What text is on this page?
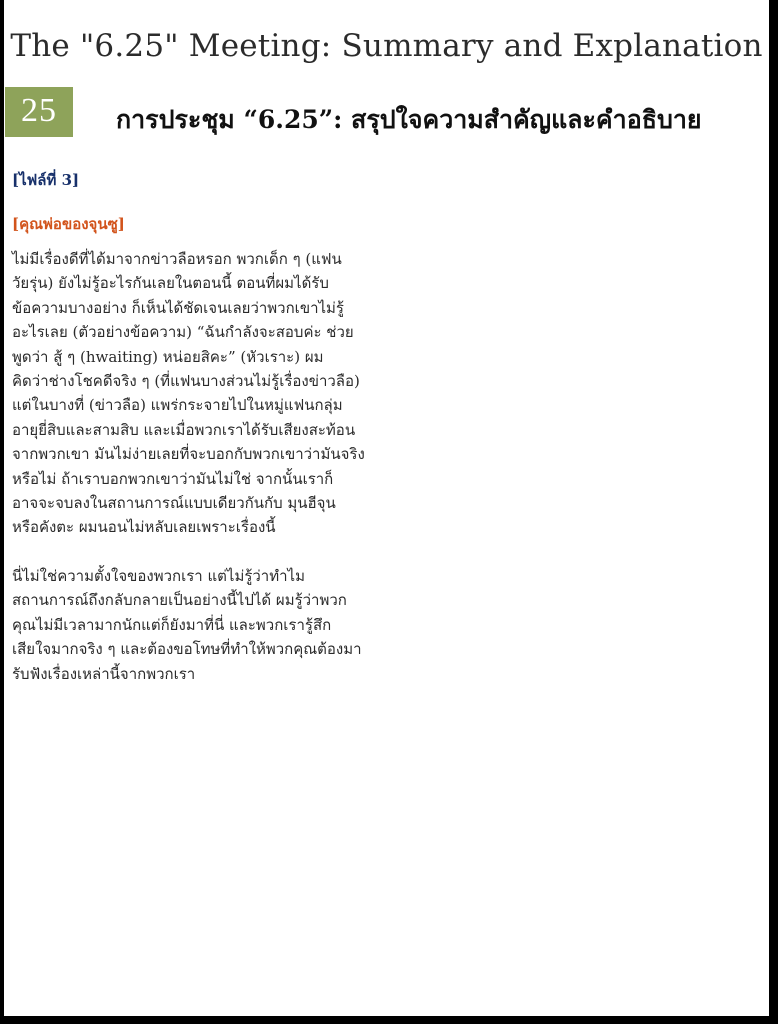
The "6.25" Meeting: Summary and Explanation
25	การประชุม “6.25”: สรุปใจความสำคัญและคำอธิบาย
[ไฟล์ที่ 3]
[คุณพ่อของจุนซู]
ไม่มีเรื่องดีที่ได้มาจากข่าวลือหรอก พวกเด็ก ๆ (แฟน
วัยรุ่น) ยังไม่รู้อะไรกันเลยในตอนนี้ ตอนที่ผมได้รับ
ข้อความบางอย่าง ก็เห็นได้ชัดเจนเลยว่าพวกเขาไม่รู้
อะไรเลย (ตัวอย่างข้อความ) “ฉันกำลังจะสอบค่ะ ช่วย
พูดว่า สู้ ๆ (hwaiting) หน่อยสิคะ” (หัวเราะ) ผม
คิดว่าช่างโชคดีจริง ๆ (ที่แฟนบางส่วนไม่รู้เรื่องข่าวลือ)
แต่ในบางที่ (ข่าวลือ) แพร่กระจายไปในหมู่แฟนกลุ่ม
อายุยี่สิบและสามสิบ และเมื่อพวกเราได้รับเสียงสะท้อน
จากพวกเขา มันไม่ง่ายเลยที่จะบอกกับพวกเขาว่ามันจริง
หรือไม่ ถ้าเราบอกพวกเขาว่ามันไม่ใช่ จากนั้นเราก็
อาจจะจบลงในสถานการณ์แบบเดียวกันกับ มุนฮีจุน
หรือคังตะ ผมนอนไม่หลับเลยเพราะเรื่องนี้
นี่ไม่ใช่ความตั้งใจของพวกเรา แต่ไม่รู้ว่าทำไม
สถานการณ์ถึงกลับกลายเป็นอย่างนี้ไปได้ ผมรู้ว่าพวก
คุณไม่มีเวลามากนักแต่ก็ยังมาที่นี่ และพวกเรารู้สึก
เสียใจมากจริง ๆ และต้องขอโทษที่ทำให้พวกคุณต้องมา
รับฟังเรื่องเหล่านี้จากพวกเรา
